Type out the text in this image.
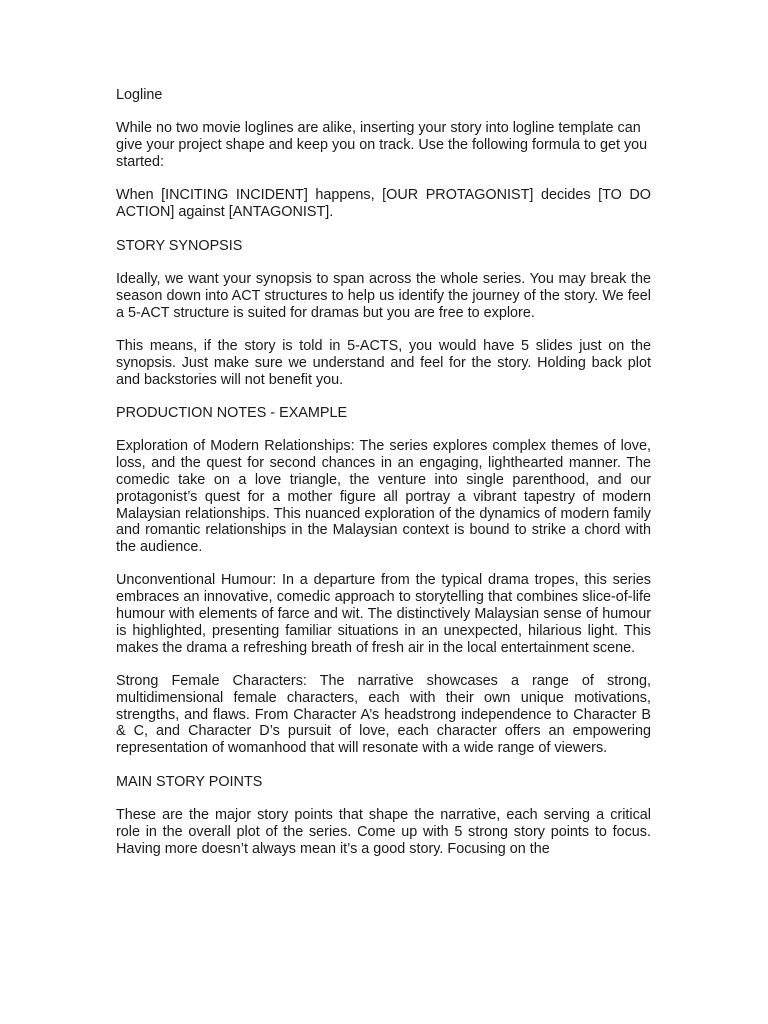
Logline

While no two movie loglines are alike, inserting your story into logline template can give your project shape and keep you on track. Use the following formula to get you started:

When [INCITING INCIDENT] happens, [OUR PROTAGONIST] decides [TO DO ACTION] against [ANTAGONIST].

STORY SYNOPSIS

Ideally, we want your synopsis to span across the whole series. You may break the season down into ACT structures to help us identify the journey of the story. We feel a 5-ACT structure is suited for dramas but you are free to explore.

This means, if the story is told in 5-ACTS, you would have 5 slides just on the synopsis. Just make sure we understand and feel for the story. Holding back plot and backstories will not benefit you.

PRODUCTION NOTES - EXAMPLE

Exploration of Modern Relationships: The series explores complex themes of love, loss, and the quest for second chances in an engaging, lighthearted manner. The comedic take on a love triangle, the venture into single parenthood, and our protagonist’s quest for a mother figure all portray a vibrant tapestry of modern Malaysian relationships. This nuanced exploration of the dynamics of modern family and romantic relationships in the Malaysian context is bound to strike a chord with the audience.

Unconventional Humour: In a departure from the typical drama tropes, this series embraces an innovative, comedic approach to storytelling that combines slice-of-life humour with elements of farce and wit. The distinctively Malaysian sense of humour is highlighted, presenting familiar situations in an unexpected, hilarious light. This makes the drama a refreshing breath of fresh air in the local entertainment scene.

Strong Female Characters: The narrative showcases a range of strong, multidimensional female characters, each with their own unique motivations, strengths, and flaws. From Character A’s headstrong independence to Character B & C, and Character D’s pursuit of love, each character offers an empowering representation of womanhood that will resonate with a wide range of viewers.

MAIN STORY POINTS

These are the major story points that shape the narrative, each serving a critical role in the overall plot of the series. Come up with 5 strong story points to focus. Having more doesn’t always mean it’s a good story. Focusing on the
